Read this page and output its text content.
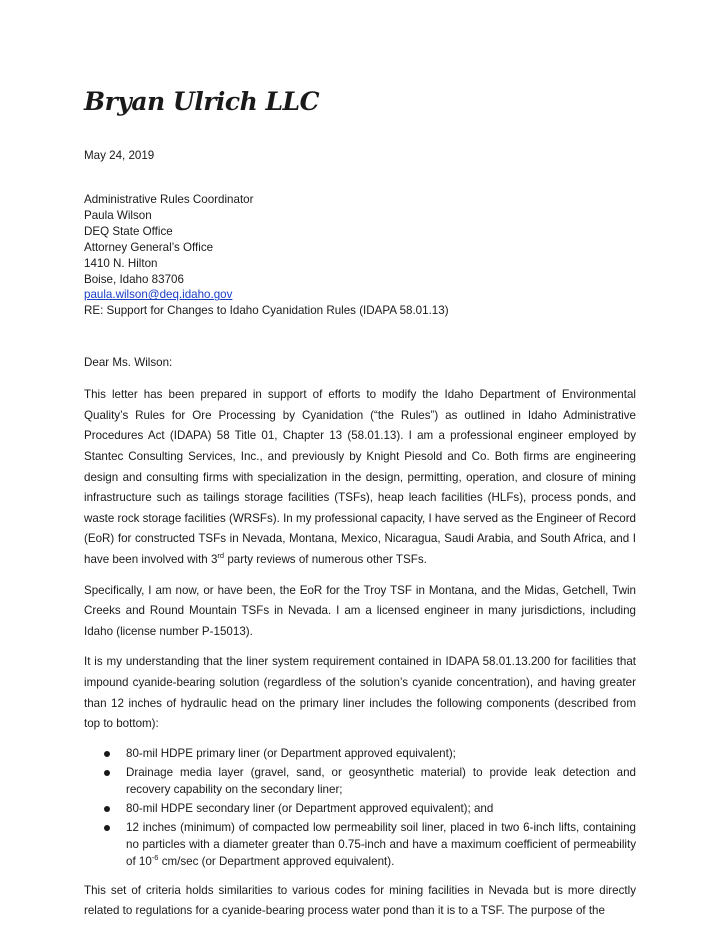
Bryan Ulrich LLC
May 24, 2019
Administrative Rules Coordinator
Paula Wilson
DEQ State Office
Attorney General’s Office
1410 N. Hilton
Boise, Idaho 83706
paula.wilson@deq.idaho.gov
RE: Support for Changes to Idaho Cyanidation Rules (IDAPA 58.01.13)
Dear Ms. Wilson:

This letter has been prepared in support of efforts to modify the Idaho Department of Environmental Quality’s Rules for Ore Processing by Cyanidation (“the Rules”) as outlined in Idaho Administrative Procedures Act (IDAPA) 58 Title 01, Chapter 13 (58.01.13). I am a professional engineer employed by Stantec Consulting Services, Inc., and previously by Knight Piesold and Co. Both firms are engineering design and consulting firms with specialization in the design, permitting, operation, and closure of mining infrastructure such as tailings storage facilities (TSFs), heap leach facilities (HLFs), process ponds, and waste rock storage facilities (WRSFs). In my professional capacity, I have served as the Engineer of Record (EoR) for constructed TSFs in Nevada, Montana, Mexico, Nicaragua, Saudi Arabia, and South Africa, and I have been involved with 3rd party reviews of numerous other TSFs.

Specifically, I am now, or have been, the EoR for the Troy TSF in Montana, and the Midas, Getchell, Twin Creeks and Round Mountain TSFs in Nevada. I am a licensed engineer in many jurisdictions, including Idaho (license number P-15013).

It is my understanding that the liner system requirement contained in IDAPA 58.01.13.200 for facilities that impound cyanide-bearing solution (regardless of the solution’s cyanide concentration), and having greater than 12 inches of hydraulic head on the primary liner includes the following components (described from top to bottom):

80-mil HDPE primary liner (or Department approved equivalent);
Drainage media layer (gravel, sand, or geosynthetic material) to provide leak detection and recovery capability on the secondary liner;
80-mil HDPE secondary liner (or Department approved equivalent); and
12 inches (minimum) of compacted low permeability soil liner, placed in two 6-inch lifts, containing no particles with a diameter greater than 0.75-inch and have a maximum coefficient of permeability of $10^{-6}$ cm/sec (or Department approved equivalent).

This set of criteria holds similarities to various codes for mining facilities in Nevada but is more directly related to regulations for a cyanide-bearing process water pond than it is to a TSF. The purpose of the
